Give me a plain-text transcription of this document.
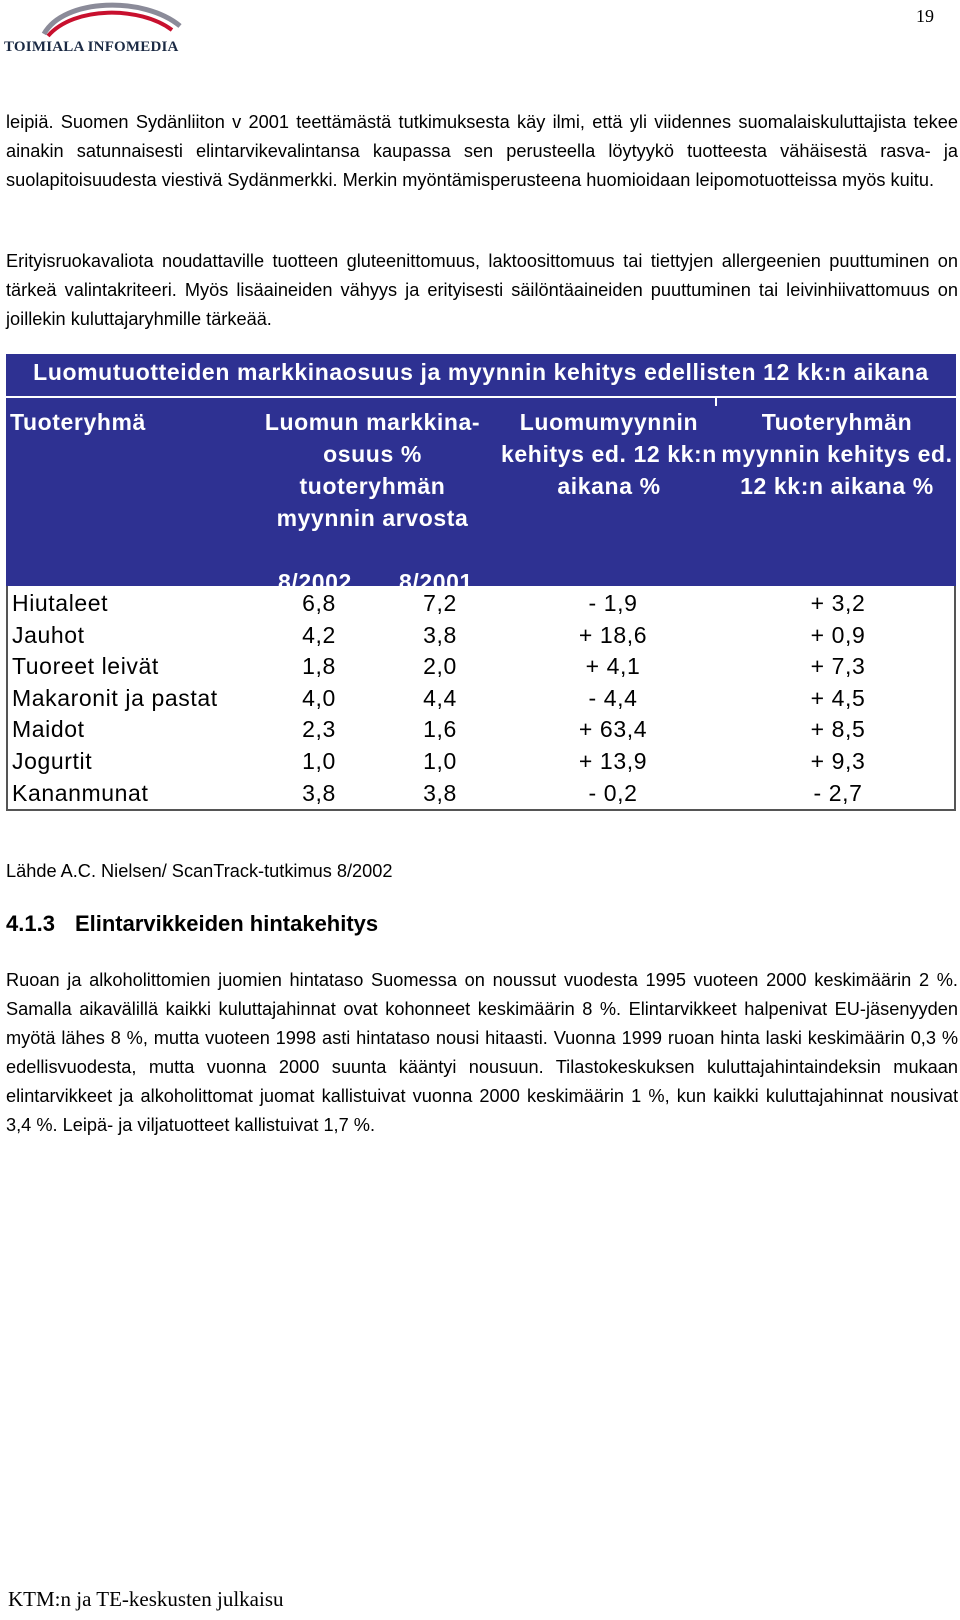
19
TOIMIALA INFOMEDIA
leipiä. Suomen Sydänliiton v 2001 teettämästä tutkimuksesta käy ilmi, että yli viidennes suomalaiskuluttajista tekee ainakin satunnaisesti elintarvikevalintansa kaupassa sen perusteella löytyykö tuotteesta vähäisestä rasva- ja suolapitoisuudesta viestivä Sydänmerkki. Merkin myöntämisperusteena huomioidaan leipomotuotteissa myös kuitu.
Erityisruokavaliota noudattaville tuotteen gluteenittomuus, laktoosittomuus tai tiettyjen allergeenien puuttuminen on tärkeä valintakriteeri. Myös lisäaineiden vähyys ja erityisesti säilöntäaineiden puuttuminen tai leivinhiivattomuus on joillekin kuluttajaryhmille tärkeää.
Luomutuotteiden markkinaosuus ja myynnin kehitys edellisten 12 kk:n aikana
Tuoteryhmä	Luomun markkina-osuus % tuoteryhmän myynnin arvosta
Luomumyynnin kehitys ed. 12 kk:n aikana %
Tuoteryhmän myynnin kehitys ed. 12 kk:n aikana %
8/2002 8/2001
Hiutaleet	6,8	7,2	- 1,9	+ 3,2
Jauhot	4,2	3,8	+ 18,6	+ 0,9
Tuoreet leivät	1,8	2,0	+ 4,1	+ 7,3
Makaronit ja pastat	4,0	4,4	- 4,4	+ 4,5
Maidot	2,3	1,6	+ 63,4	+ 8,5
Jogurtit	1,0	1,0	+ 13,9	+ 9,3
Kananmunat	3,8	3,8	- 0,2	- 2,7
Lähde A.C. Nielsen/ ScanTrack-tutkimus 8/2002
4.1.3 Elintarvikkeiden hintakehitys
Ruoan ja alkoholittomien juomien hintataso Suomessa on noussut vuodesta 1995 vuoteen 2000 keskimäärin 2 %. Samalla aikavälillä kaikki kuluttajahinnat ovat kohonneet keskimäärin 8 %. Elintarvikkeet halpenivat EU-jäsenyyden myötä lähes 8 %, mutta vuoteen 1998 asti hintataso nousi hitaasti. Vuonna 1999 ruoan hinta laski keskimäärin 0,3 % edellisvuodesta, mutta vuonna 2000 suunta kääntyi nousuun. Tilastokeskuksen kuluttajahintaindeksin mukaan elintarvikkeet ja alkoholittomat juomat kallistuivat vuonna 2000 keskimäärin 1 %, kun kaikki kuluttajahinnat nousivat 3,4 %. Leipä- ja viljatuotteet kallistuivat 1,7 %.
KTM:n ja TE-keskusten julkaisu
